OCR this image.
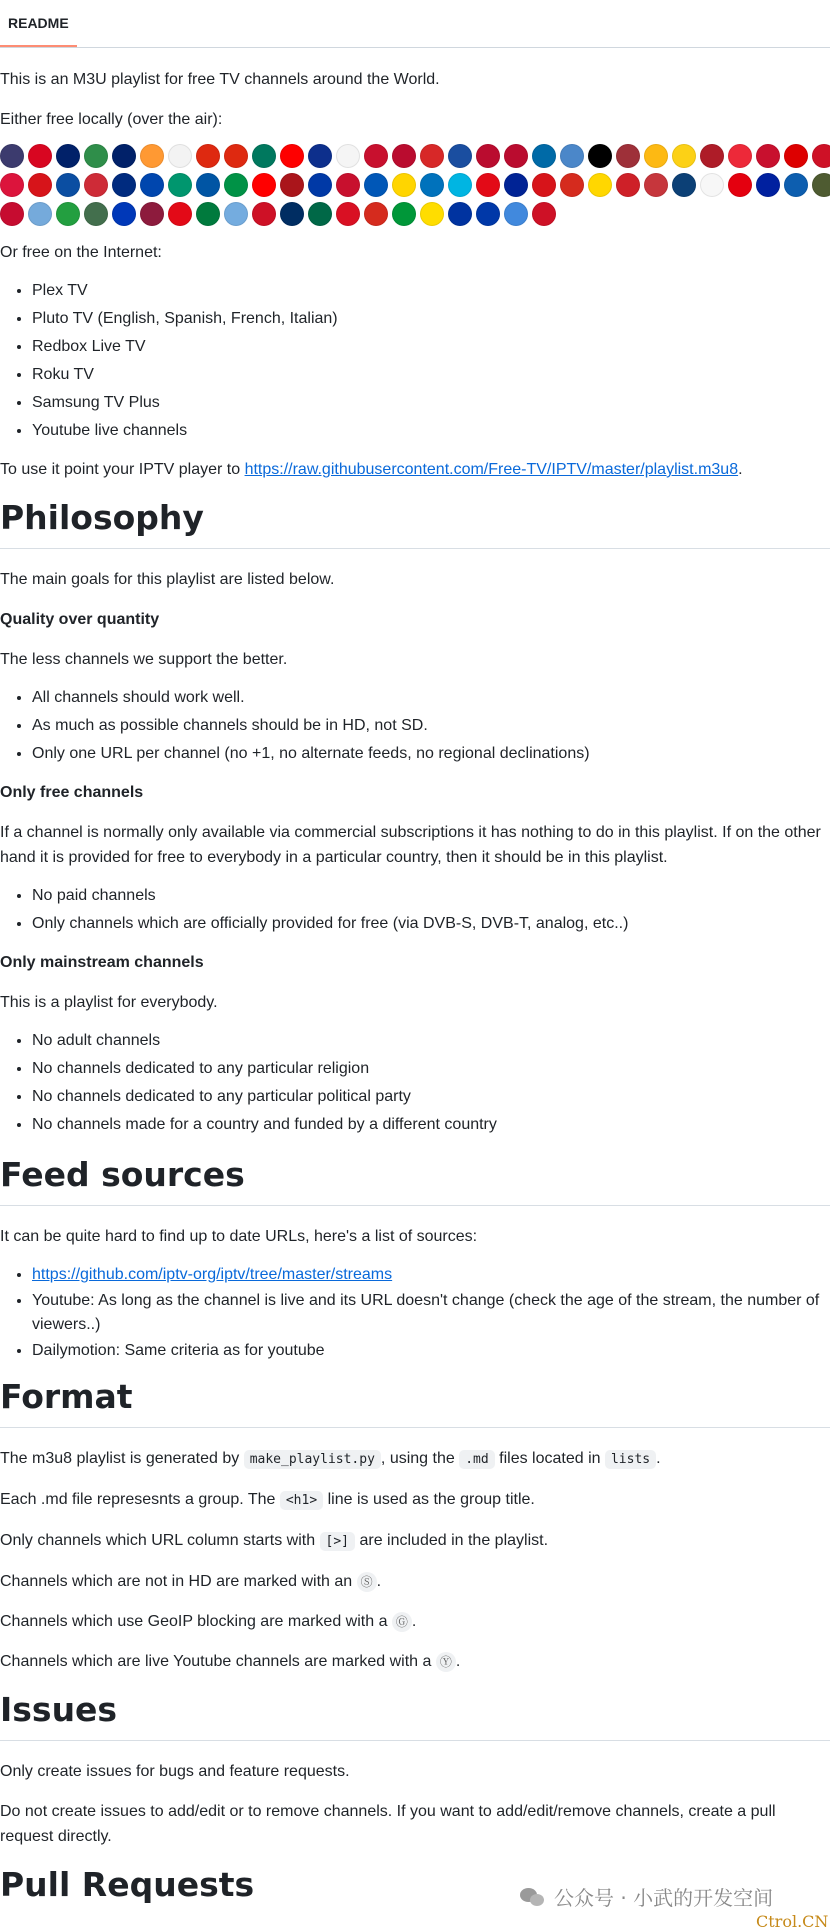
README

This is an M3U playlist for free TV channels around the World.

Either free locally (over the air):

Or free on the Internet:

• Plex TV
• Pluto TV (English, Spanish, French, Italian)
• Redbox Live TV
• Roku TV
• Samsung TV Plus
• Youtube live channels

To use it point your IPTV player to https://raw.githubusercontent.com/Free-TV/IPTV/master/playlist.m3u8.

Philosophy

The main goals for this playlist are listed below.

Quality over quantity

The less channels we support the better.

• All channels should work well.
• As much as possible channels should be in HD, not SD.
• Only one URL per channel (no +1, no alternate feeds, no regional declinations)

Only free channels

If a channel is normally only available via commercial subscriptions it has nothing to do in this playlist. If on the other hand it is provided for free to everybody in a particular country, then it should be in this playlist.

• No paid channels
• Only channels which are officially provided for free (via DVB-S, DVB-T, analog, etc..)

Only mainstream channels

This is a playlist for everybody.

• No adult channels
• No channels dedicated to any particular religion
• No channels dedicated to any particular political party
• No channels made for a country and funded by a different country
Feed sources

It can be quite hard to find up to date URLs, here's a list of sources:

• https://github.com/iptv-org/iptv/tree/master/streams
• Youtube: As long as the channel is live and its URL doesn't change (check the age of the stream, the number of viewers..)
• Dailymotion: Same criteria as for youtube
Format

The m3u8 playlist is generated by make_playlist.py , using the .md files located in lists .

Each .md file represesnts a group. The <h1> line is used as the group title.

Only channels which URL column starts with [>] are included in the playlist.

Channels which are not in HD are marked with an Ⓢ .

Channels which use GeoIP blocking are marked with a Ⓖ .

Channels which are live Youtube channels are marked with a Ⓨ .

Issues

Only create issues for bugs and feature requests.

Do not create issues to add/edit or to remove channels. If you want to add/edit/remove channels, create a pull request directly.

Pull Requests	公众号 · 小武的开发空间
Ctrol.CN
